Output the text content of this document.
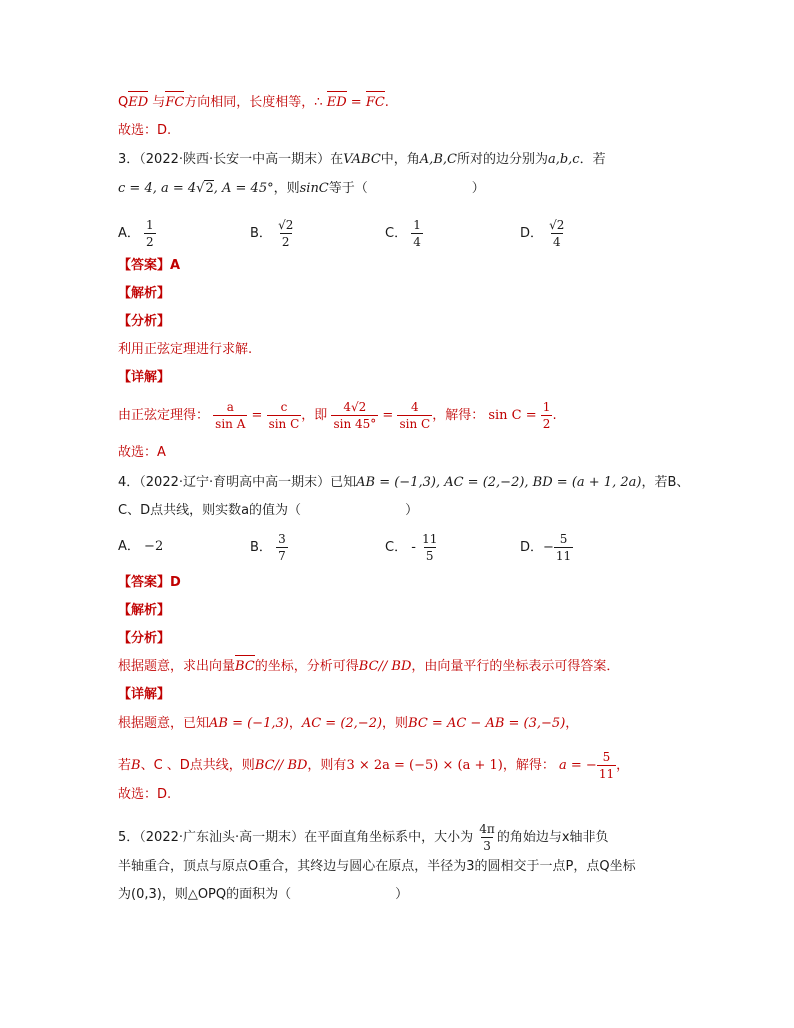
QED 与FC方向相同，长度相等，∴ ED = FC.
故选：D.
3．（2022·陕西·长安一中高一期末）在VABC中，角A,B,C所对的边分别为a,b,c．若
c = 4, a = 4√2, A = 45°，则sinC等于（	）
A． $\frac{1}{2}$	B． $\frac{√2}{2}$	C． $\frac{1}{4}$	D． $\frac{√2}{4}$
【答案】A
【解析】
【分析】
利用正弦定理进行求解.
【详解】
由正弦定理得： $\frac{a}{\text{sin A}} = \frac{c}{\text{sin C}}$ ，即 $\frac{4√2}{\sin 45^\circ} = \frac{4}{\text{sin C}}$ ，解得： $\sin C = \frac{1}{2}$ .
故选：A
4．（2022·辽宁·育明高中高一期末）已知AB = (−1,3), AC = (2,−2), BD = (a + 1, 2a)，若B、
C、D点共线，则实数a的值为（	）
A． −2	B． $\frac{3}{7}$	C． - $\frac{11}{5}$	D．− $\frac{5}{11}$
【答案】D
【解析】
【分析】
根据题意，求出向量BC的坐标，分析可得BC// BD，由向量平行的坐标表示可得答案．
【详解】
根据题意，已知AB = (−1,3)，AC = (2,−2)，则BC = AC − AB = (3,−5)，
若B、C 、D点共线，则BC// BD，则有3 × 2a = (−5) × (a + 1)，解得： a = − $\frac{5}{11}$ ，
故选：D.
5．（2022·广东汕头·高一期末）在平面直角坐标系中，大小为 $\frac{4\pi}{3}$ 的角始边与x轴非负
半轴重合，顶点与原点O重合，其终边与圆心在原点，半径为3的圆相交于一点P，点Q坐标
为(0,3)，则△OPQ的面积为（	）
